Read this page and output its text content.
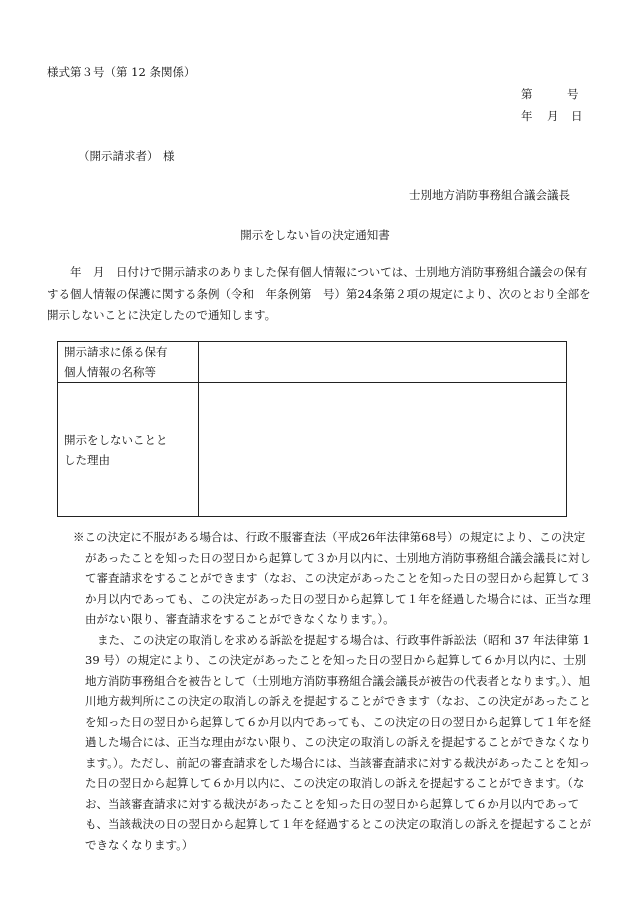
様式第３号（第 12 条関係）
第	号
年 月 日
（開示請求者） 様
士別地方消防事務組合議会議長
開示をしない旨の決定通知書
年　月　日付けで開示請求のありました保有個人情報については、士別地方消防事務組合議会の保有する個人情報の保護に関する条例（令和　年条例第　号）第24条第２項の規定により、次のとおり全部を開示しないことに決定したので通知します。
開示請求に係る保有
個人情報の名称等	

開示をしないことと
した理由	

※この決定に不服がある場合は、行政不服審査法（平成26年法律第68号）の規定により、この決定があったことを知った日の翌日から起算して３か月以内に、士別地方消防事務組合議会議長に対して審査請求をすることができます（なお、この決定があったことを知った日の翌日から起算して３か月以内であっても、この決定があった日の翌日から起算して１年を経過した場合には、正当な理由がない限り、審査請求をすることができなくなります。）。

また、この決定の取消しを求める訴訟を提起する場合は、行政事件訴訟法（昭和 37 年法律第 139 号）の規定により、この決定があったことを知った日の翌日から起算して６か月以内に、士別地方消防事務組合を被告として（士別地方消防事務組合議会議長が被告の代表者となります。）、旭川地方裁判所にこの決定の取消しの訴えを提起することができます（なお、この決定があったことを知った日の翌日から起算して６か月以内であっても、この決定の日の翌日から起算して１年を経過した場合には、正当な理由がない限り、この決定の取消しの訴えを提起することができなくなります。）。ただし、前記の審査請求をした場合には、当該審査請求に対する裁決があったことを知った日の翌日から起算して６か月以内に、この決定の取消しの訴えを提起することができます。（なお、当該審査請求に対する裁決があったことを知った日の翌日から起算して６か月以内であっても、当該裁決の日の翌日から起算して１年を経過するとこの決定の取消しの訴えを提起することができなくなります。）
